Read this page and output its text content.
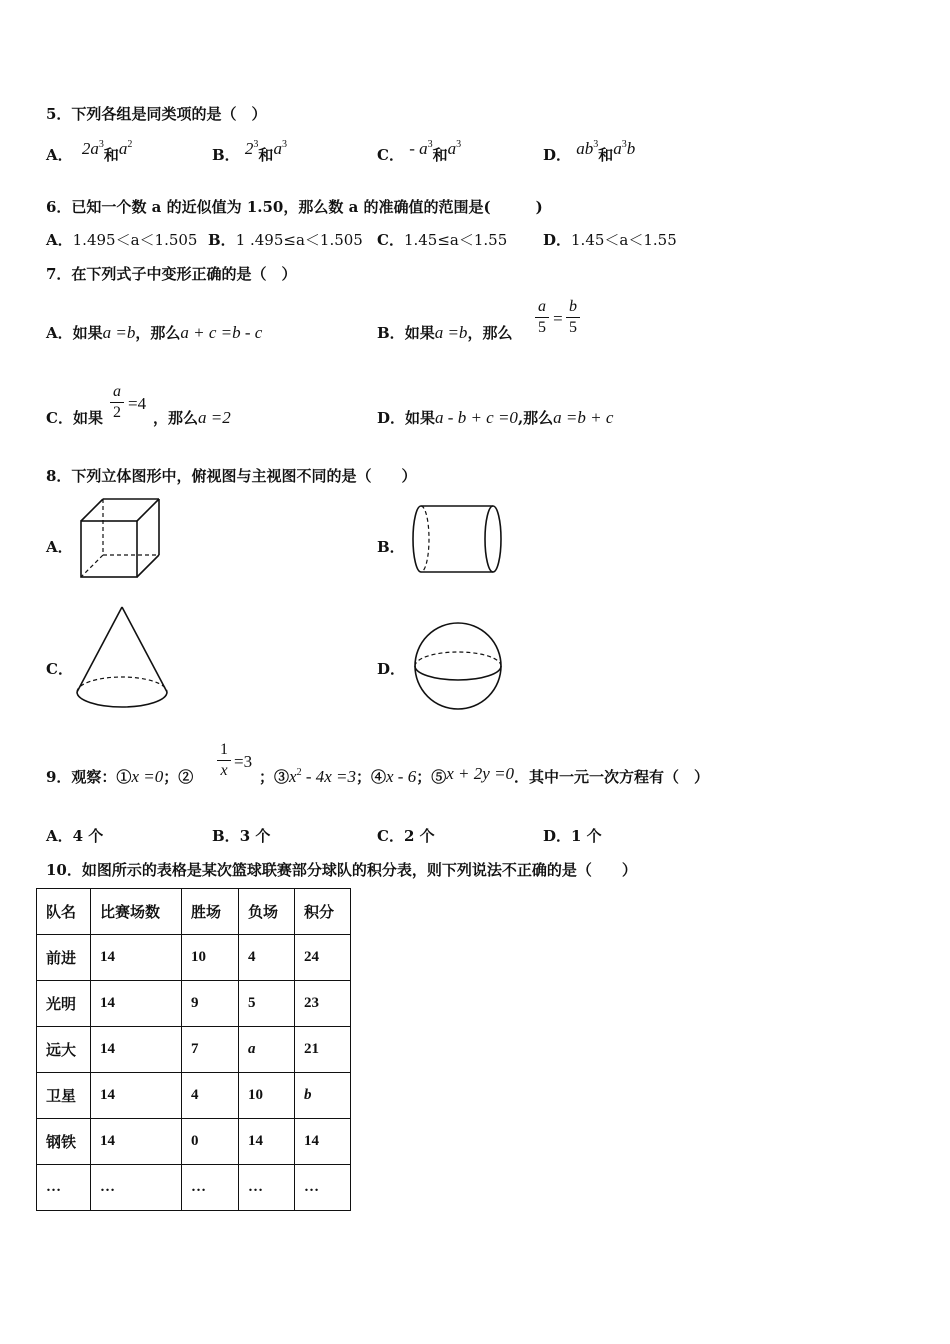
5．下列各组是同类项的是（　）
A． $2a^3$和$a^2$
B． $2^3$和$a^3$
C． - $a^3$和$a^3$
D． $ab^3$和$a^3b$
6．已知一个数 a 的近似值为 1.50，那么数 a 的准确值的范围是(　　　)
A．1.495＜a＜1.505 B．1 .495≤a＜1.505 C．1.45≤a＜1.55 D．1.45＜a＜1.55
7．在下列式子中变形正确的是（　）
A．如果a =b，那么a + c =b - c	B．如果a =b，那么
a
5 =
b
5
C．如果
a
2 =4
，那么a =2	D．如果a - b + c =0,那么a =b + c
8．下列立体图形中，俯视图与主视图不同的是（　　）
A．	B．
C．	D．
9．观察：①x =0；②
1
x =3
；$③x^2 - 4x =3$；④x - 6；⑤x + 2y =0．其中一元一次方程有（　）
A．4 个	B．3 个	C．2 个	D．1 个
10．如图所示的表格是某次篮球联赛部分球队的积分表，则下列说法不正确的是（　　）
队名	比赛场数	胜场	负场	积分
前进	14	10	4	24
光明	14	9	5	23
远大	14	7	a	21
卫星	14	4	10	b
钢铁	14	0	14	14
…	…	…	…	…
